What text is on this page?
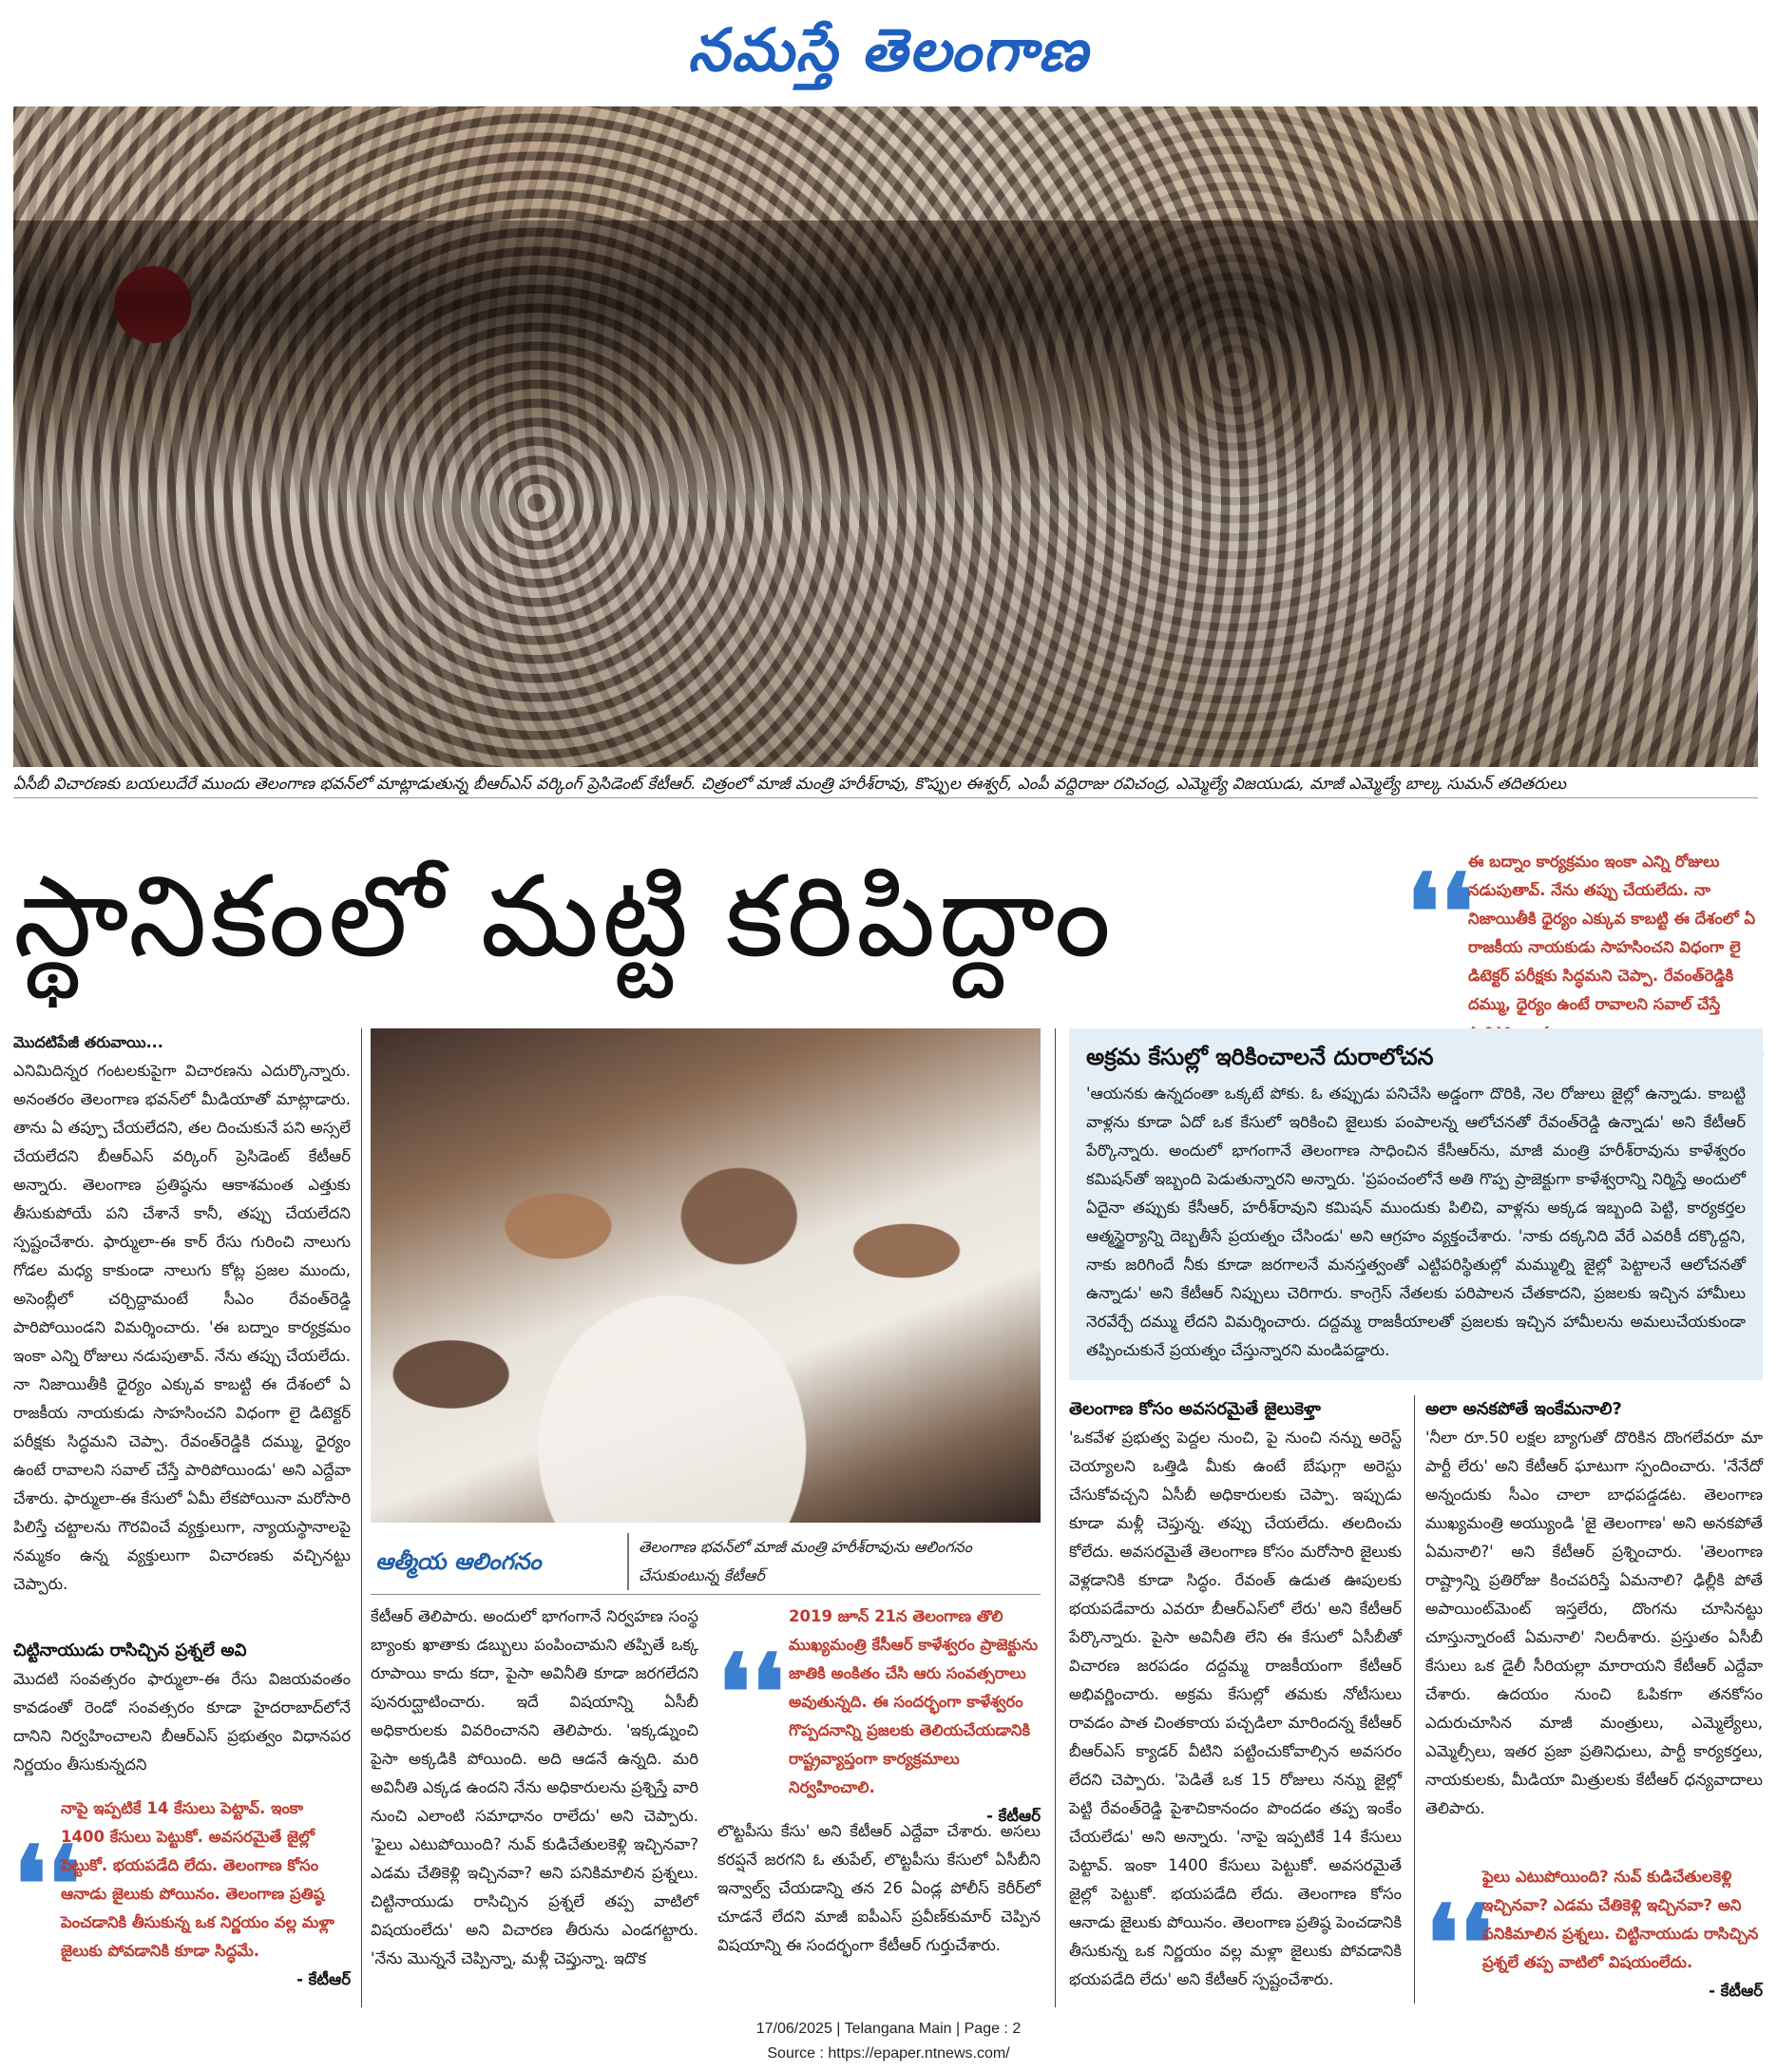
నమస్తే తెలంగాణ
ఏసీబీ విచారణకు బయలుదేరే ముందు తెలంగాణ భవన్‌లో మాట్లాడుతున్న బీఆర్‌ఎస్ వర్కింగ్ ప్రెసిడెంట్ కేటీఆర్. చిత్రంలో మాజీ మంత్రి హరీశ్‌రావు, కొప్పుల ఈశ్వర్, ఎంపీ వద్దిరాజు రవిచంద్ర, ఎమ్మెల్యే విజయుడు, మాజీ ఎమ్మెల్యే బాల్క సుమన్ తదితరులు
స్థానికంలో మట్టి కరిపిద్దాం	❛❛
ఈ బద్నాం కార్యక్రమం ఇంకా ఎన్ని రోజులు నడుపుతావ్. నేను తప్పు చేయలేదు. నా నిజాయితీకి ధైర్యం ఎక్కువ కాబట్టి ఈ దేశంలో ఏ రాజకీయ నాయకుడు సాహసించని విధంగా లై డిటెక్టర్ పరీక్షకు సిద్ధమని చెప్పా. రేవంత్‌రెడ్డికి దమ్ము, ధైర్యం ఉంటే రావాలని సవాల్ చేస్తే
మొదటిపేజీ తరువాయి...
ఎనిమిదిన్నర గంటలకుపైగా విచారణను ఎదుర్కొన్నారు. అనంతరం తెలంగాణ భవన్‌లో మీడియాతో మాట్లాడారు. తాను ఏ తప్పూ చేయలేదని, తల దించుకునే పని అస్సలే చేయలేదని బీఆర్‌ఎస్ వర్కింగ్ ప్రెసిడెంట్ కేటీఆర్ అన్నారు. తెలంగాణ ప్రతిష్ఠను ఆకాశమంత ఎత్తుకు తీసుకుపోయే పని చేశానే కానీ, తప్పు చేయలేదని స్పష్టంచేశారు. ఫార్ములా-ఈ కార్ రేసు గురించి నాలుగు గోడల మధ్య కాకుండా నాలుగు కోట్ల ప్రజల ముందు, అసెంబ్లీలో చర్చిద్దామంటే సీఎం రేవంత్‌రెడ్డి పారిపోయిండని విమర్శించారు. 'ఈ బద్నాం కార్యక్రమం ఇంకా ఎన్ని రోజులు నడుపుతావ్. నేను తప్పు చేయలేదు. నా నిజాయితీకి ధైర్యం ఎక్కువ కాబట్టి ఈ దేశంలో ఏ రాజకీయ నాయకుడు సాహసించని విధంగా లై డిటెక్టర్ పరీక్షకు సిద్ధమని చెప్పా. రేవంత్‌రెడ్డికి దమ్ము, ధైర్యం ఉంటే రావాలని సవాల్ చేస్తే పారిపోయిండు' అని ఎద్దేవా చేశారు. ఫార్ములా-ఈ కేసులో ఏమీ లేకపోయినా మరోసారి పిలిస్తే చట్టాలను గౌరవించే వ్యక్తులుగా, న్యాయస్థానాలపై నమ్మకం ఉన్న వ్యక్తులుగా విచారణకు వచ్చినట్టు చెప్పారు.
చిట్టినాయుడు రాసిచ్చిన ప్రశ్నలే అవి
మొదటి సంవత్సరం ఫార్ములా-ఈ రేసు విజయవంతం కావడంతో రెండో సంవత్సరం కూడా హైదరాబాద్‌లోనే దానిని నిర్వహించాలని బీఆర్‌ఎస్ ప్రభుత్వం విధానపర నిర్ణయం తీసుకున్నదని
❛❛
నాపై ఇప్పటికే 14 కేసులు పెట్టావ్. ఇంకా 1400 కేసులు పెట్టుకో. అవసరమైతే జైల్లో పెట్టుకో. భయపడేది లేదు. తెలంగాణ కోసం ఆనాడు జైలుకు పోయినం. తెలంగాణ ప్రతిష్ఠ పెంచడానికి తీసుకున్న ఒక నిర్ణయం వల్ల మళ్లా జైలుకు పోవడానికి కూడా సిద్ధమే.
- కేటీఆర్
ఆత్మీయ ఆలింగనం
తెలంగాణ భవన్‌లో మాజీ మంత్రి హరీశ్‌రావును ఆలింగనం చేసుకుంటున్న కేటీఆర్
కేటీఆర్ తెలిపారు. అందులో భాగంగానే నిర్వహణ సంస్థ బ్యాంకు ఖాతాకు డబ్బులు పంపించామని తప్పితే ఒక్క రూపాయి కాదు కదా, పైసా అవినీతి కూడా జరగలేదని పునరుద్ఘాటించారు. ఇదే విషయాన్ని ఏసీబీ అధికారులకు వివరించానని తెలిపారు. 'ఇక్కడ్నుంచి పైసా అక్కడికి పోయింది. అది ఆడనే ఉన్నది. మరి అవినీతి ఎక్కడ ఉందని నేను అధికారులను ప్రశ్నిస్తే వారి నుంచి ఎలాంటి సమాధానం రాలేదు' అని చెప్పారు. 'ఫైలు ఎటుపోయింది? నువ్ కుడిచేతులకెళ్లి ఇచ్చినవా? ఎడమ చేతికెళ్లి ఇచ్చినవా? అని పనికిమాలిన ప్రశ్నలు. చిట్టినాయుడు రాసిచ్చిన ప్రశ్నలే తప్ప వాటిలో విషయంలేదు' అని విచారణ తీరును ఎండగట్టారు. 'నేను మొన్ననే చెప్పిన్నా, మళ్లీ చెప్తున్నా. ఇదొక
❛❛
2019 జూన్ 21న తెలంగాణ తొలి ముఖ్యమంత్రి కేసీఆర్ కాళేశ్వరం ప్రాజెక్టును జాతికి అంకితం చేసి ఆరు సంవత్సరాలు అవుతున్నది. ఈ సందర్భంగా కాళేశ్వరం గొప్పదనాన్ని ప్రజలకు తెలియచేయడానికి రాష్ట్రవ్యాప్తంగా కార్యక్రమాలు నిర్వహించాలి.
- కేటీఆర్
లొట్టపీసు కేసు' అని కేటీఆర్ ఎద్దేవా చేశారు. అసలు కరప్షనే జరగని ఓ తుపేల్, లొట్టపీసు కేసులో ఏసీబీని ఇన్వాల్వ్ చేయడాన్ని తన 26 ఏండ్ల పోలీస్ కెరీర్‌లో చూడనే లేదని మాజీ ఐపీఎస్ ప్రవీణ్‌కుమార్ చెప్పిన విషయాన్ని ఈ సందర్భంగా కేటీఆర్ గుర్తుచేశారు.
అక్రమ కేసుల్లో ఇరికించాలనే దురాలోచన
'ఆయనకు ఉన్నదంతా ఒక్కటే పోకు. ఓ తప్పుడు పనిచేసి అడ్డంగా దొరికి, నెల రోజులు జైల్లో ఉన్నాడు. కాబట్టి వాళ్లను కూడా ఏదో ఒక కేసులో ఇరికించి జైలుకు పంపాలన్న ఆలోచనతో రేవంత్‌రెడ్డి ఉన్నాడు' అని కేటీఆర్ పేర్కొన్నారు. అందులో భాగంగానే తెలంగాణ సాధించిన కేసీఆర్‌ను, మాజీ మంత్రి హరీశ్‌రావును కాళేశ్వరం కమిషన్‌తో ఇబ్బంది పెడుతున్నారని అన్నారు. 'ప్రపంచంలోనే అతి గొప్ప ప్రాజెక్టుగా కాళేశ్వరాన్ని నిర్మిస్తే అందులో ఏదైనా తప్పుకు కేసీఆర్, హరీశ్‌రావుని కమిషన్ ముందుకు పిలిచి, వాళ్లను అక్కడ ఇబ్బంది పెట్టి, కార్యకర్తల ఆత్మస్థైర్యాన్ని దెబ్బతీసే ప్రయత్నం చేసిండు' అని ఆగ్రహం వ్యక్తంచేశారు. 'నాకు దక్కనిది వేరే ఎవరికీ దక్కొద్దని, నాకు జరిగిందే నీకు కూడా జరగాలనే మనస్తత్వంతో ఎట్టిపరిస్థితుల్లో మమ్ముల్ని జైల్లో పెట్టాలనే ఆలోచనతో ఉన్నాడు' అని కేటీఆర్ నిప్పులు చెరిగారు. కాంగ్రెస్ నేతలకు పరిపాలన చేతకాదని, ప్రజలకు ఇచ్చిన హామీలు నెరవేర్చే దమ్ము లేదని విమర్శించారు. దద్దమ్మ రాజకీయాలతో ప్రజలకు ఇచ్చిన హామీలను అమలుచేయకుండా తప్పించుకునే ప్రయత్నం చేస్తున్నారని మండిపడ్డారు.
తెలంగాణ కోసం అవసరమైతే జైలుకెళ్తా
'ఒకవేళ ప్రభుత్వ పెద్దల నుంచి, పై నుంచి నన్ను అరెస్ట్ చెయ్యాలని ఒత్తిడి మీకు ఉంటే బేషుగ్గా అరెస్టు చేసుకోవచ్చని ఏసీబీ అధికారులకు చెప్పా. ఇప్పుడు కూడా మళ్లీ చెప్తున్న. తప్పు చేయలేదు. తలదించు కోలేదు. అవసరమైతే తెలంగాణ కోసం మరోసారి జైలుకు వెళ్లడానికి కూడా సిద్ధం. రేవంత్ ఉడుత ఊపులకు భయపడేవారు ఎవరూ బీఆర్‌ఎస్‌లో లేరు' అని కేటీఆర్ పేర్కొన్నారు. పైసా అవినీతి లేని ఈ కేసులో ఏసీబీతో విచారణ జరపడం దద్దమ్మ రాజకీయంగా కేటీఆర్ అభివర్ణించారు. అక్రమ కేసుల్లో తమకు నోటీసులు రావడం పాత చింతకాయ పచ్చడిలా మారిందన్న కేటీఆర్ బీఆర్‌ఎస్ క్యాడర్ వీటిని పట్టించుకోవాల్సిన అవసరం లేదని చెప్పారు. 'పెడితే ఒక 15 రోజులు నన్ను జైల్లో పెట్టి రేవంత్‌రెడ్డి పైశాచికానందం పొందడం తప్ప ఇంకేం చేయలేడు' అని అన్నారు. 'నాపై ఇప్పటికే 14 కేసులు పెట్టావ్. ఇంకా 1400 కేసులు పెట్టుకో. అవసరమైతే జైల్లో పెట్టుకో. భయపడేది లేదు. తెలంగాణ కోసం ఆనాడు జైలుకు పోయినం. తెలంగాణ ప్రతిష్ఠ పెంచడానికి తీసుకున్న ఒక నిర్ణయం వల్ల మళ్లా జైలుకు పోవడానికి భయపడేది లేదు' అని కేటీఆర్ స్పష్టంచేశారు.
అలా అనకపోతే ఇంకేమనాలి?
'నీలా రూ.50 లక్షల బ్యాగుతో దొరికిన దొంగలేవరూ మా పార్టీ లేరు' అని కేటీఆర్ ఘాటుగా స్పందించారు. 'నేనేదో అన్నందుకు సీఎం చాలా బాధపడ్డడట. తెలంగాణ ముఖ్యమంత్రి అయ్యుండి 'జై తెలంగాణ' అని అనకపోతే ఏమనాలి?' అని కేటీఆర్ ప్రశ్నించారు. 'తెలంగాణ రాష్ట్రాన్ని ప్రతిరోజు కించపరిస్తే ఏమనాలి? ఢిల్లీకి పోతే అపాయింట్‌మెంట్ ఇస్తలేరు, దొంగను చూసినట్టు చూస్తున్నారంటే ఏమనాలి' నిలదీశారు. ప్రస్తుతం ఏసీబీ కేసులు ఒక డైలీ సీరియల్లా మారాయని కేటీఆర్ ఎద్దేవా చేశారు. ఉదయం నుంచి ఓపికగా తనకోసం ఎదురుచూసిన మాజీ మంత్రులు, ఎమ్మెల్యేలు, ఎమ్మెల్సీలు, ఇతర ప్రజా ప్రతినిధులు, పార్టీ కార్యకర్తలు, నాయకులకు, మీడియా మిత్రులకు కేటీఆర్ ధన్యవాదాలు తెలిపారు.
❛❛
ఫైలు ఎటుపోయింది? నువ్ కుడిచేతులకెళ్లి ఇచ్చినవా? ఎడమ చేతికెళ్లి ఇచ్చినవా? అని పనికిమాలిన ప్రశ్నలు. చిట్టినాయుడు రాసిచ్చిన ప్రశ్నలే తప్ప వాటిలో విషయంలేదు.
- కేటీఆర్
17/06/2025 | Telangana Main | Page : 2
Source : https://epaper.ntnews.com/
